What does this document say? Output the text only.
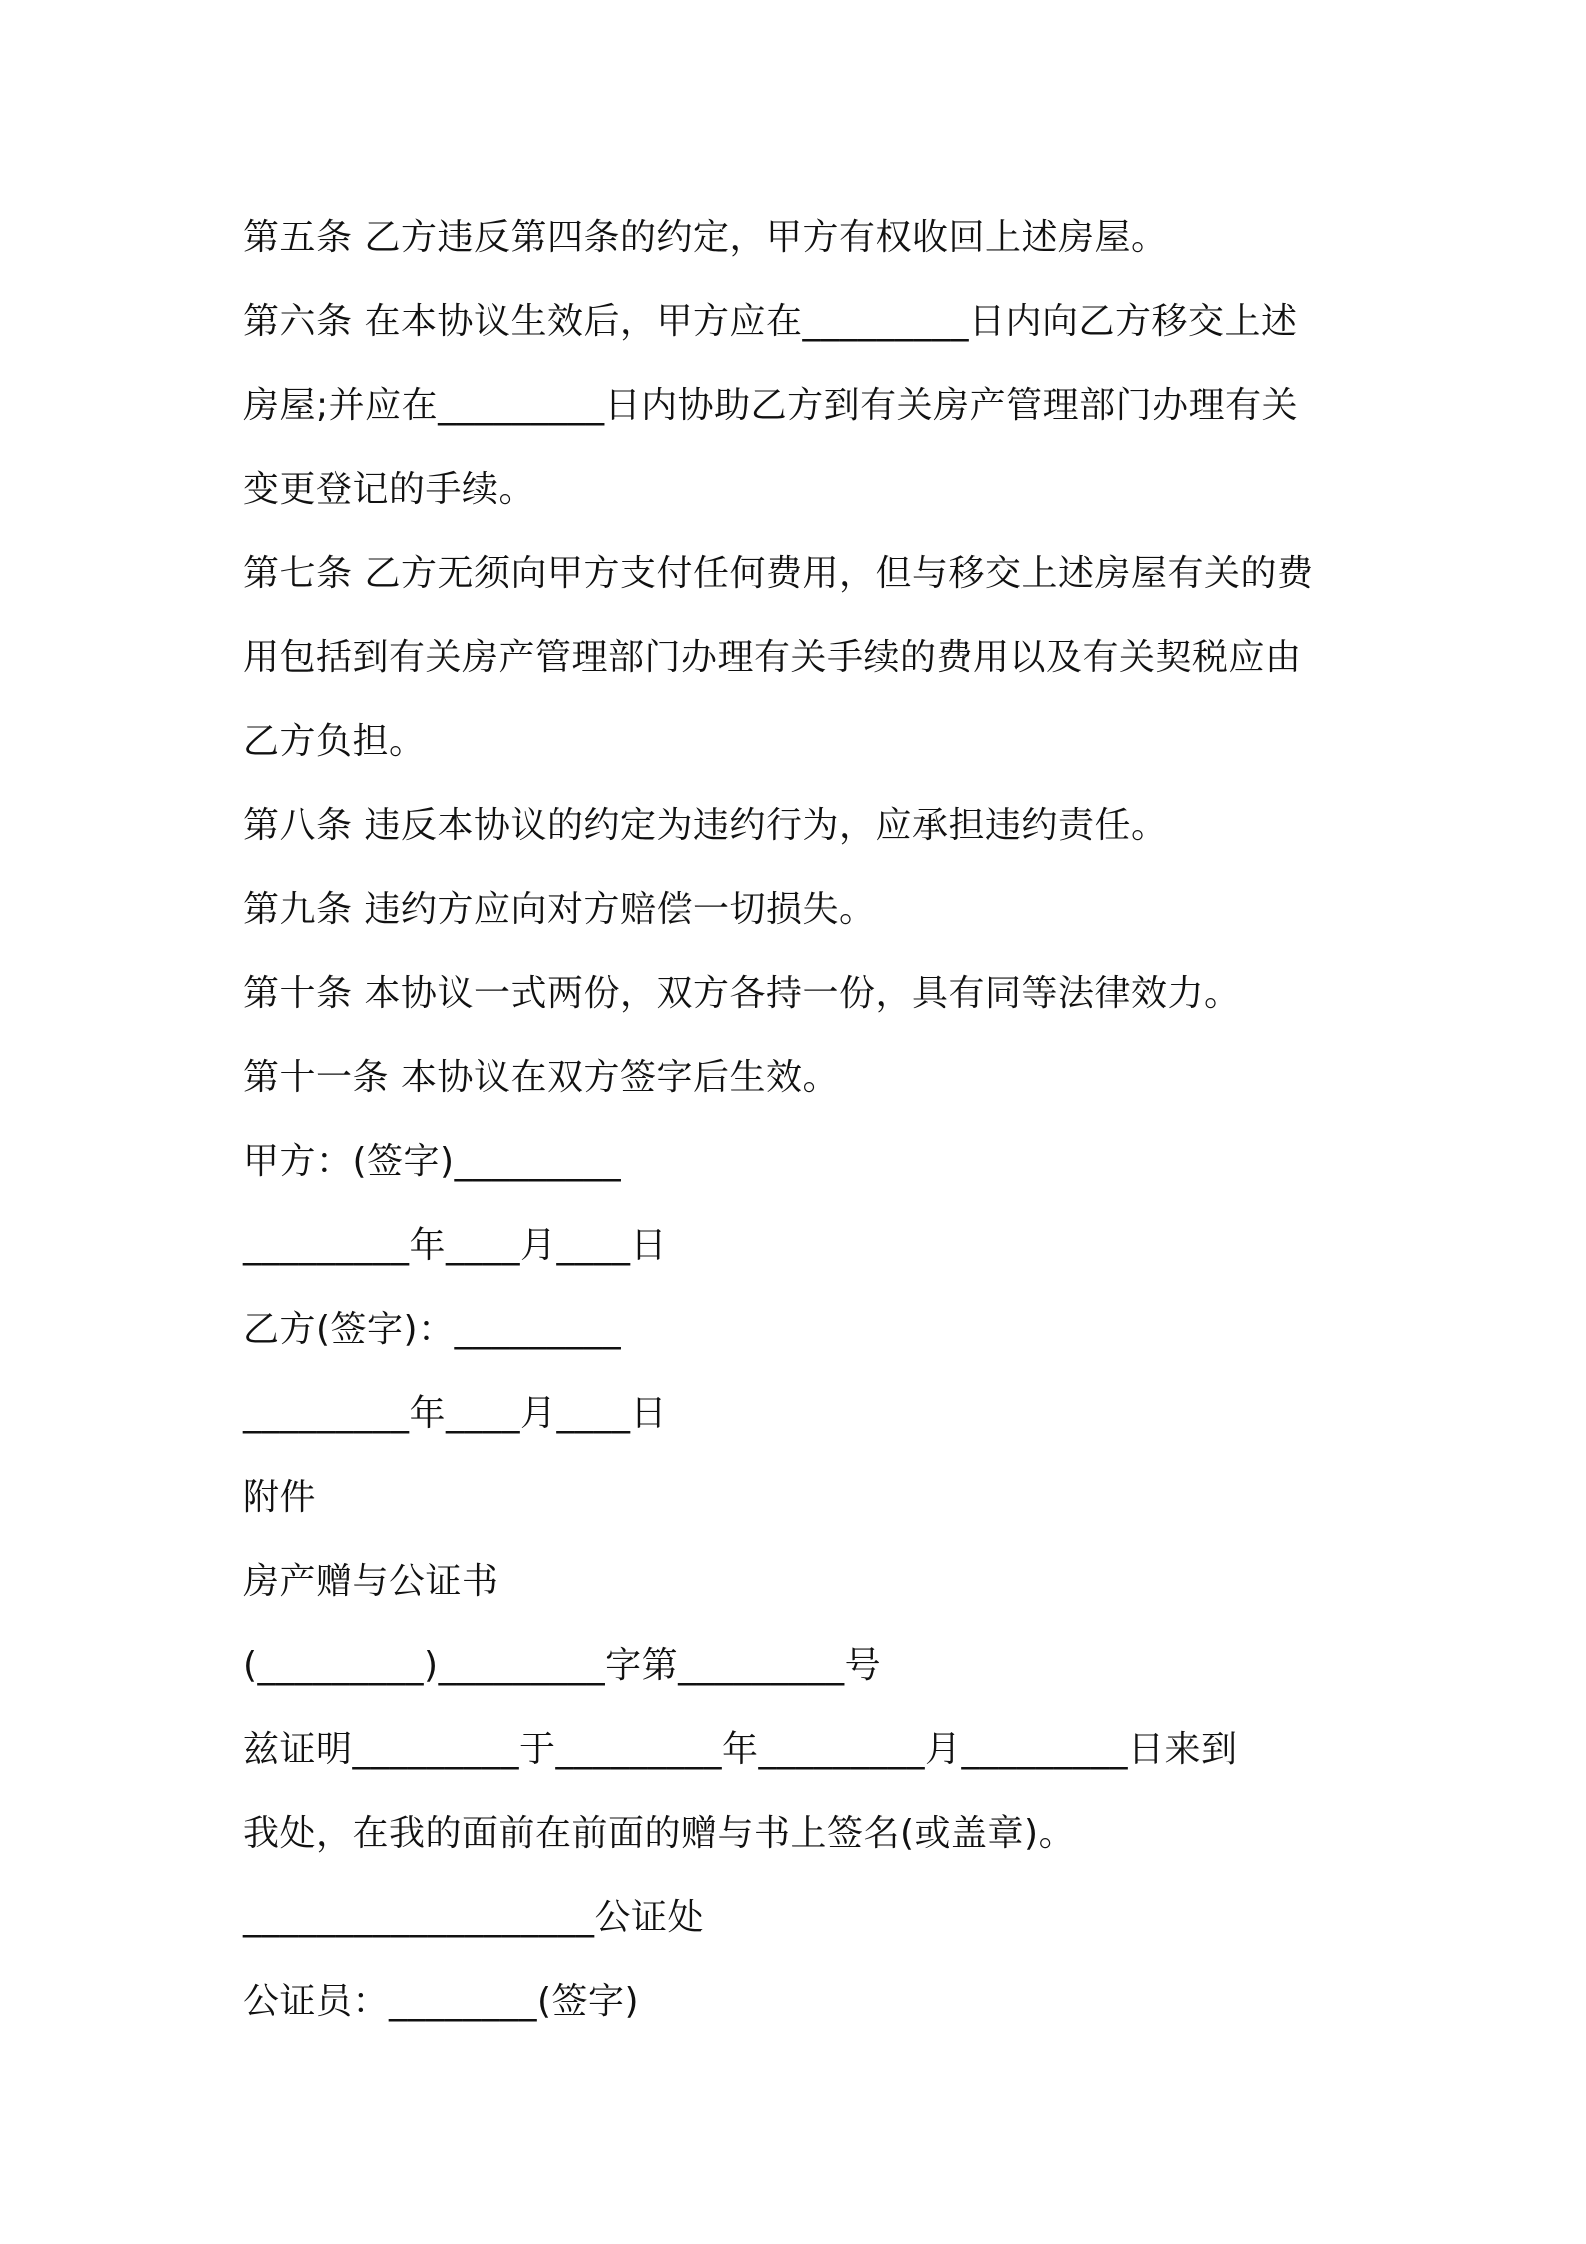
第五条 乙方违反第四条的约定，甲方有权收回上述房屋。
第六条 在本协议生效后，甲方应在_________日内向乙方移交上述
房屋;并应在_________日内协助乙方到有关房产管理部门办理有关
变更登记的手续。
第七条 乙方无须向甲方支付任何费用，但与移交上述房屋有关的费
用包括到有关房产管理部门办理有关手续的费用以及有关契税应由
乙方负担。
第八条 违反本协议的约定为违约行为，应承担违约责任。
第九条 违约方应向对方赔偿一切损失。
第十条 本协议一式两份，双方各持一份，具有同等法律效力。
第十一条 本协议在双方签字后生效。
甲方：(签字)_________
_________年____月____日
乙方(签字)：_________
_________年____月____日
附件
房产赠与公证书
(_________)_________字第_________号
兹证明_________于_________年_________月_________日来到
我处，在我的面前在前面的赠与书上签名(或盖章)。
___________________公证处
公证员：________(签字)
